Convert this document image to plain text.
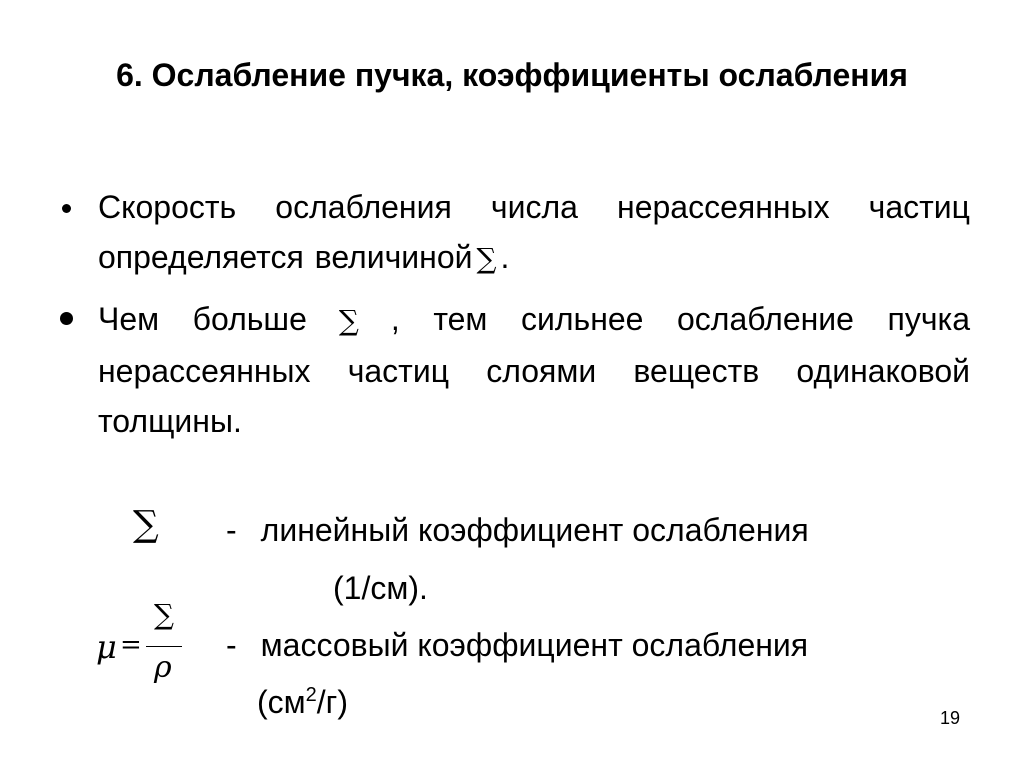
6. Ослабление пучка, коэффициенты ослабления
Скорость ослабления числа нерассеянных частиц определяется величиной ∑ .
Чем больше ∑ , тем сильнее ослабление пучка нерассеянных частиц слоями веществ одинаковой толщины.
∑ - линейный коэффициент ослабления
(1/см).
μ =
∑
ρ
- массовый коэффициент ослабления
$(см^2/г)$	19
